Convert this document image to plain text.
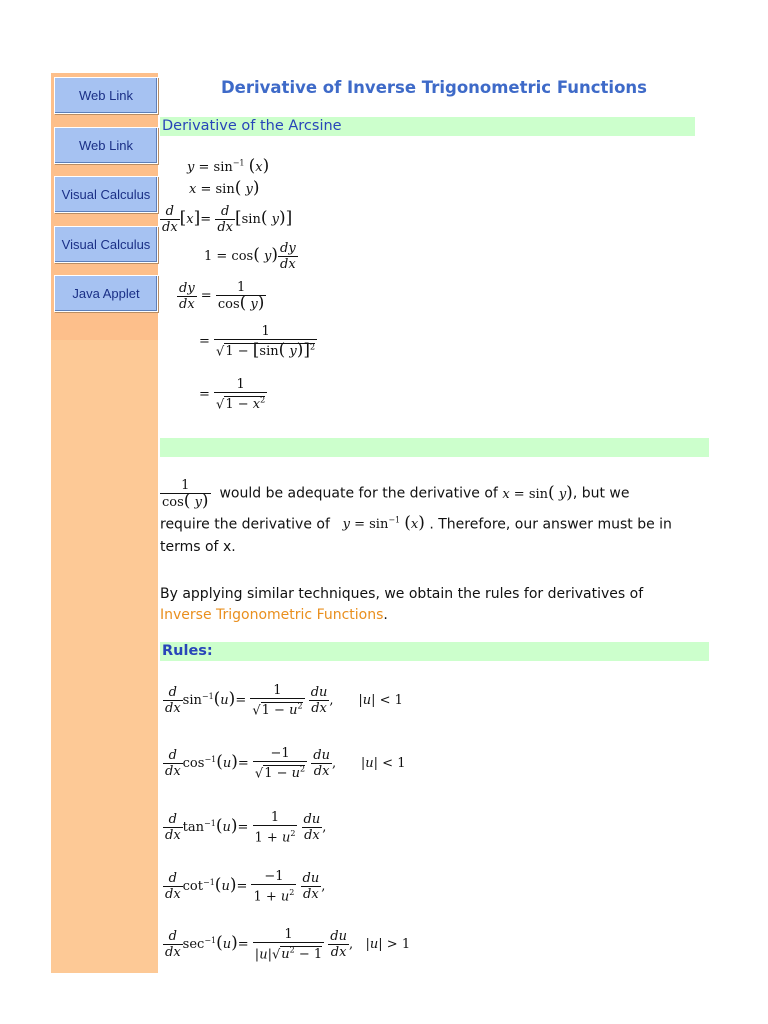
Web Link
Web Link
Visual Calculus
Visual Calculus
Java Applet
Derivative of Inverse Trigonometric Functions
Derivative of the Arcsine
$y = \sin^{-1} (x)$
x = sin( y)
$\frac{d}{dx} [x]= \frac{d}{dx} [\sin$( y)]
1 = cos( $y) \frac{dy}{dx}$
$\frac{dy}{dx} = \frac{1}{\cos( y)}$
= $\frac{1}{√1 - [\sin( y)]^2}$
= $\frac{1}{√1 - x^2}$
$\frac{1}{\cos( y)}$ would be adequate for the derivative of x = sin( y), but we
require the derivative of $y = \sin^{-1} (x)$ . Therefore, our answer must be in
terms of x.
By applying similar techniques, we obtain the rules for derivatives of
Inverse Trigonometric Functions.
Rules:
$\frac{d}{dx} \sin^{-1}(u)= \frac{1}{√1 - u^2}$
$\frac{du}{dx}$ ,      |u| < 1
$\frac{d}{dx} \cos^{-1}(u)= \frac{-1}{√1 - u^2}$
$\frac{du}{dx}$ ,      |u| < 1
$\frac{d}{dx} \tan^{-1}(u)= \frac{1}{1 + u^2}$
$\frac{du}{dx}$ ,
$\frac{d}{dx} \cot^{-1}(u)= \frac{-1}{1 + u^2}$
$\frac{du}{dx}$ ,
$\frac{d}{dx} \sec^{-1}(u)= \frac{1}{|u|√u^2 - 1}$
$\frac{du}{dx}$ ,   |u| > 1
